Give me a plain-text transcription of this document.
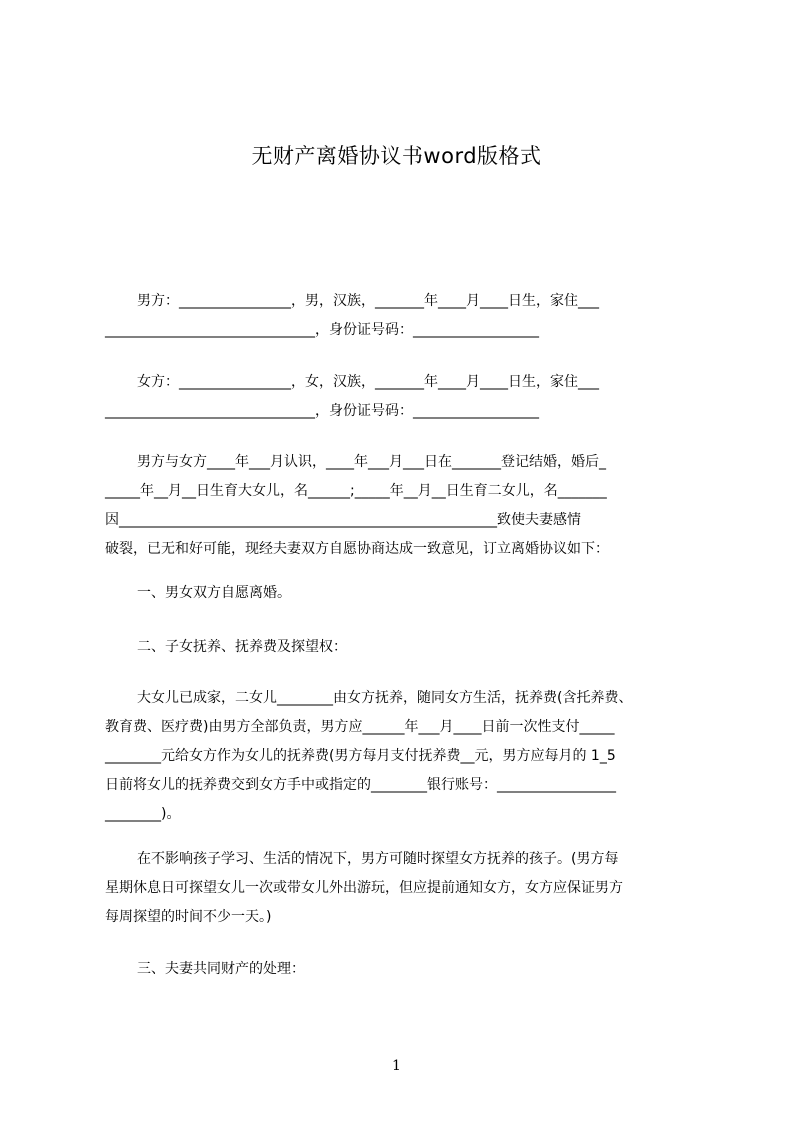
无财产离婚协议书word版格式
男方：________________，男，汉族，_______年____月____日生，家住___
______________________________，身份证号码：__________________
女方：________________，女，汉族，_______年____月____日生，家住___
______________________________，身份证号码：__________________
男方与女方____年___月认识，____年___月___日在_______登记结婚，婚后_
_____年__月__日生育大女儿，名______;_____年__月__日生育二女儿，名_______
因______________________________________________________致使夫妻感情
破裂，已无和好可能，现经夫妻双方自愿协商达成一致意见，订立离婚协议如下：
一、男女双方自愿离婚。
二、子女抚养、抚养费及探望权：
大女儿已成家，二女儿________由女方抚养，随同女方生活，抚养费(含托养费、
教育费、医疗费)由男方全部负责，男方应______年___月____日前一次性支付_____
________元给女方作为女儿的抚养费(男方每月支付抚养费__元，男方应每月的 1_5
日前将女儿的抚养费交到女方手中或指定的________银行账号：_________________
________)。
在不影响孩子学习、生活的情况下，男方可随时探望女方抚养的孩子。(男方每
星期休息日可探望女儿一次或带女儿外出游玩，但应提前通知女方，女方应保证男方
每周探望的时间不少一天。)
三、夫妻共同财产的处理：
1
